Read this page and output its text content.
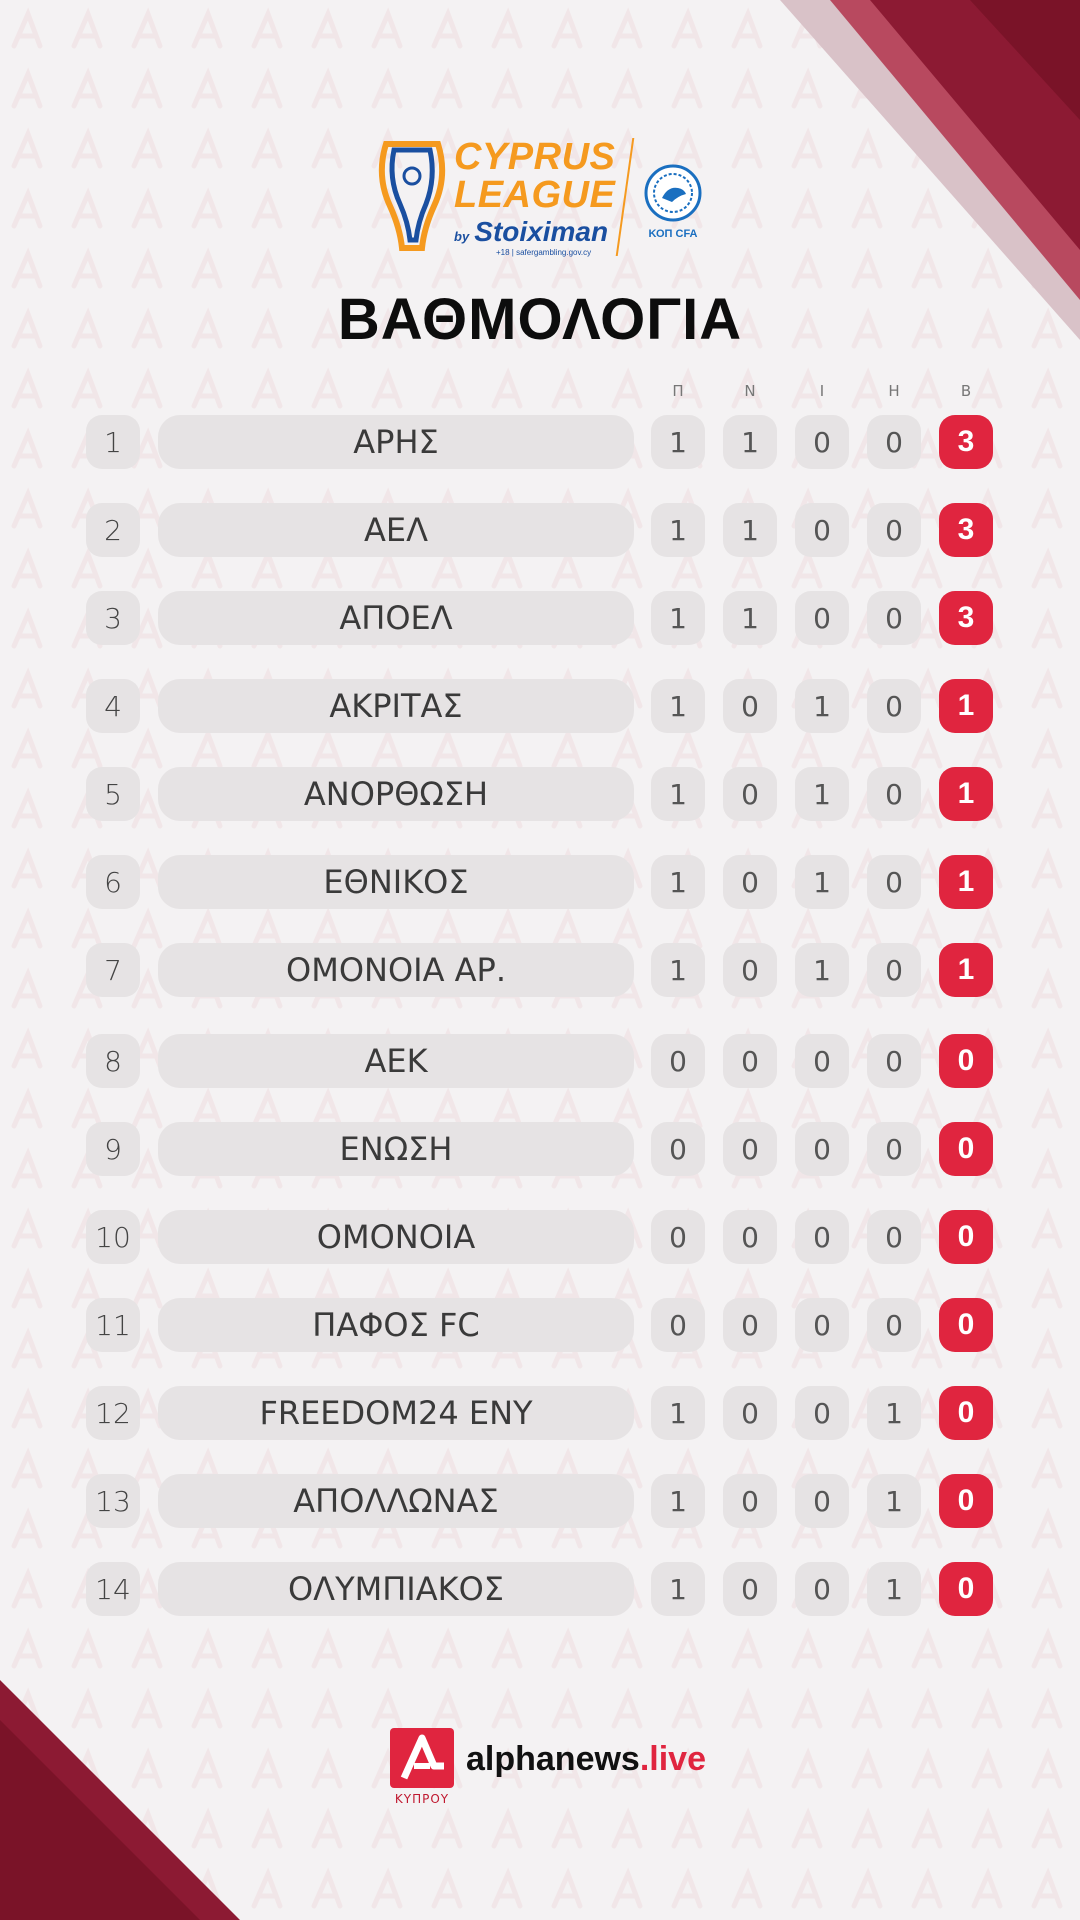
CYPRUS
LEAGUE
by Stoiximan
+18 | safergambling.gov.cy
ΚΟΠ CFA
ΒΑΘΜΟΛΟΓΙΑ
Π	Ν	Ι	Η	Β
1	ΑΡΗΣ	1	1	0	0	3
2	ΑΕΛ	1	1	0	0	3
3	ΑΠΟΕΛ	1	1	0	0	3
4	ΑΚΡΙΤΑΣ	1	0	1	0	1
5	ΑΝΟΡΘΩΣΗ	1	0	1	0	1
6	ΕΘΝΙΚΟΣ	1	0	1	0	1
7	ΟΜΟΝΟΙΑ ΑΡ.	1	0	1	0	1
8	ΑΕΚ	0	0	0	0	0
9	ΕΝΩΣΗ	0	0	0	0	0
10	ΟΜΟΝΟΙΑ	0	0	0	0	0
11	ΠΑΦΟΣ FC	0	0	0	0	0
12	FREEDOM24 ΕΝΥ	1	0	0	1	0
13	ΑΠΟΛΛΩΝΑΣ	1	0	0	1	0
14	ΟΛΥΜΠΙΑΚΟΣ	1	0	0	1	0
ΚΥΠΡΟΥ
alphanews.live
